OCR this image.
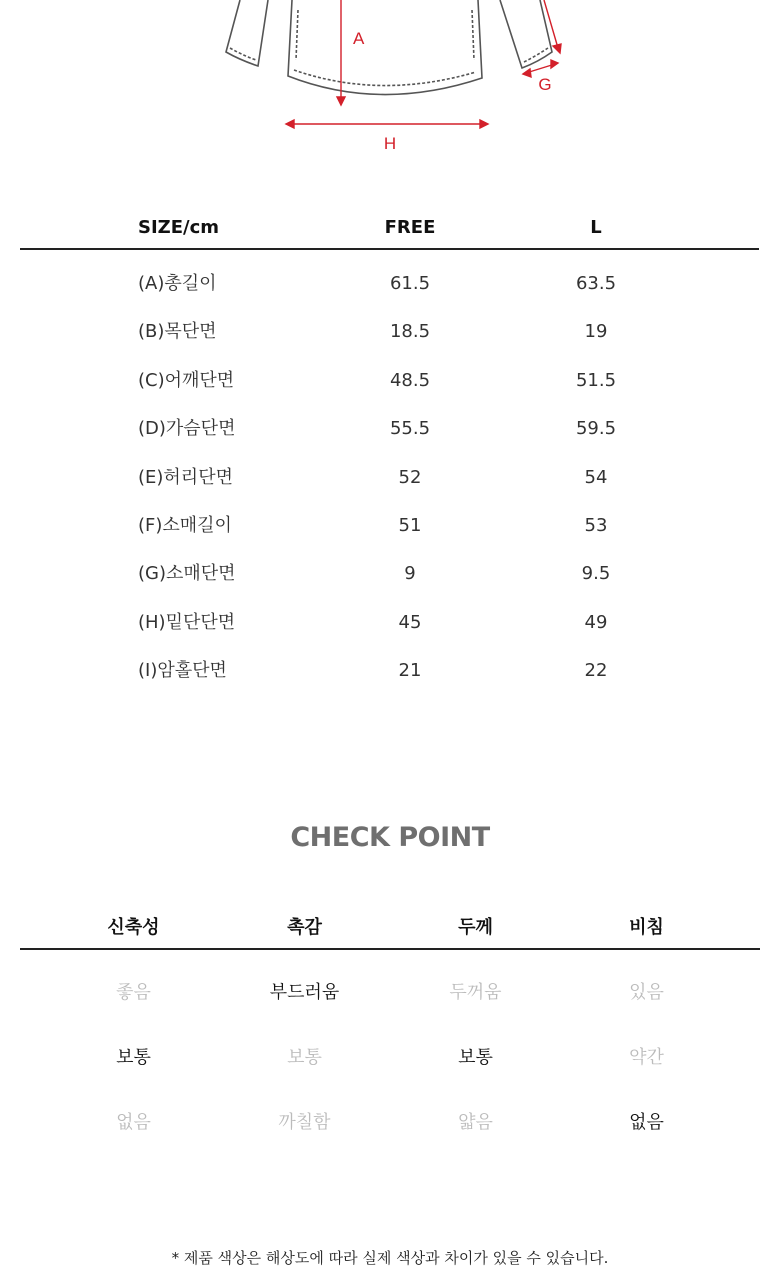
A
G
H
SIZE/cm	FREE	L
(A)총길이	61.5	63.5
(B)목단면	18.5	19
(C)어깨단면	48.5	51.5
(D)가슴단면	55.5	59.5
(E)허리단면	52	54
(F)소매길이	51	53
(G)소매단면	9	9.5
(H)밑단단면	45	49
(I)암홀단면	21	22
CHECK POINT
신축성	촉감	두께	비침
좋음	부드러움	두꺼움	있음
보통	보통	보통	약간
없음	까칠함	얇음	없음
* 제품 색상은 해상도에 따라 실제 색상과 차이가 있을 수 있습니다.
